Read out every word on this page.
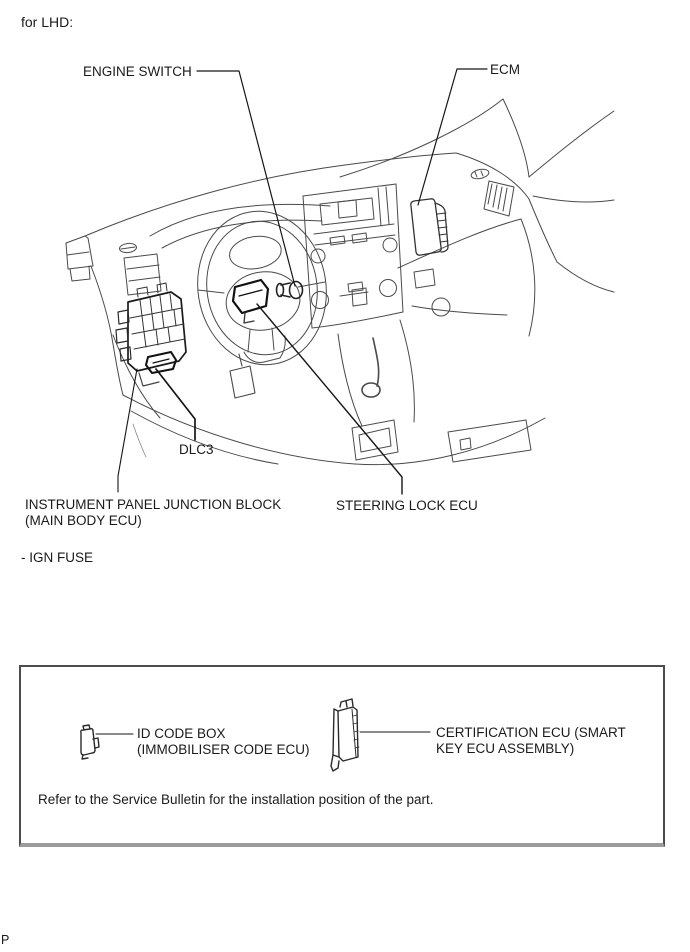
for LHD:
ENGINE SWITCH	ECM
DLC3
INSTRUMENT PANEL JUNCTION BLOCK
(MAIN BODY ECU)
STEERING LOCK ECU
- IGN FUSE
ID CODE BOX
(IMMOBILISER CODE ECU)
CERTIFICATION ECU (SMART
KEY ECU ASSEMBLY)
Refer to the Service Bulletin for the installation position of the part.
P
